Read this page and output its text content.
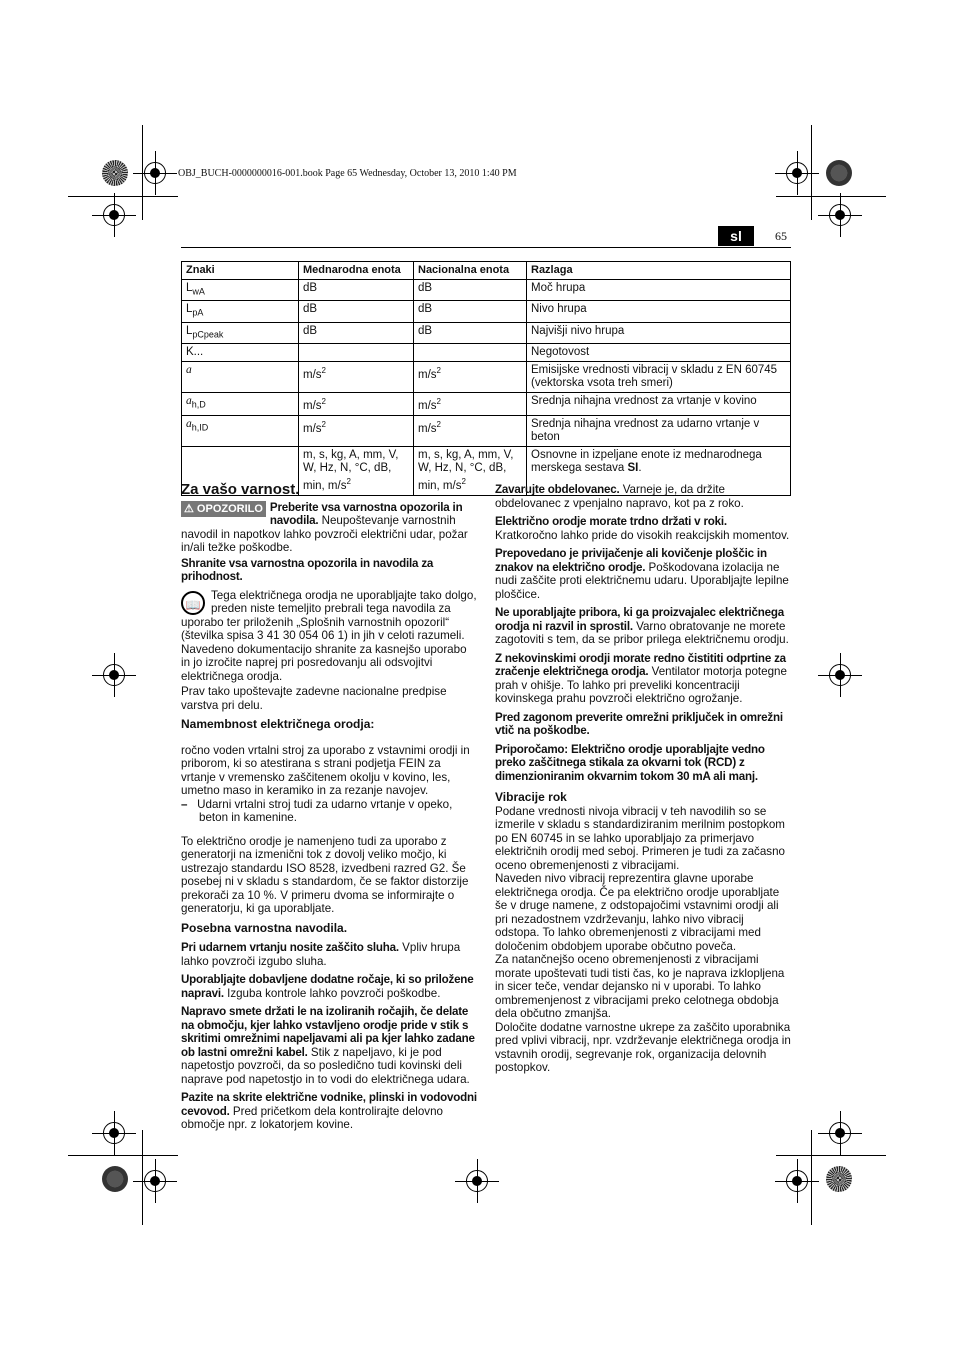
OBJ_BUCH-0000000016-001.book Page 65 Wednesday, October 13, 2010 1:40 PM
sl	65
Znaki	Mednarodna enota	Nacionalna enota	Razlaga
$L_{wA}$	dB	dB	Moč hrupa
$L_{pA}$	dB	dB	Nivo hrupa
$L_{pCpeak}$	dB	dB	Najvišji nivo hrupa
K...			Negotovost
a	$m/s^2$	$m/s^2$	Emisijske vrednosti vibracij v skladu z EN 60745 (vektorska vsota treh smeri)
$a_{h,D}$	$m/s^2$	$m/s^2$	Srednja nihajna vrednost za vrtanje v kovino
$a_{h,ID}$	$m/s^2$	$m/s^2$	Srednja nihajna vrednost za udarno vrtanje v beton
	m, s, kg, A, mm, V, W, Hz, N, °C, dB, min, $m/s^2$	m, s, kg, A, mm, V, W, Hz, N, °C, dB, min, $m/s^2$	Osnovne in izpeljane enote iz mednarodnega merskega sestava SI.
Za vašo varnost.

⚠ OPOZORILO Preberite vsa varnostna opozorila in navodila. Neupoštevanje varnostnih navodil in napotkov lahko povzroči električni udar, požar in/ali težke poškodbe.

Shranite vsa varnostna opozorila in navodila za prihodnost.

📖
Tega električnega orodja ne uporabljajte tako dolgo, preden niste temeljito prebrali tega navodila za uporabo ter priloženih „Splošnih varnostnih opozoril“ (številka spisa 3 41 30 054 06 1) in jih v celoti razumeli. Navedeno dokumentacijo shranite za kasnejšo uporabo in jo izročite naprej pri posredovanju ali odsvojitvi električnega orodja.

Prav tako upoštevajte zadevne nacionalne predpise varstva pri delu.

Namembnost električnega orodja:

ročno voden vrtalni stroj za uporabo z vstavnimi orodji in priborom, ki so atestirana s strani podjetja FEIN za vrtanje v vremensko zaščitenem okolju v kovino, les, umetno maso in keramiko in za rezanje navojev.

– Udarni vrtalni stroj tudi za udarno vrtanje v opeko, beton in kamenine.

To električno orodje je namenjeno tudi za uporabo z generatorji na izmenični tok z dovolj veliko močjo, ki ustrezajo standardu ISO 8528, izvedbeni razred G2. Še posebej ni v skladu s standardom, če se faktor distorzije prekorači za 10 %. V primeru dvoma se informirajte o generatorju, ki ga uporabljate.

Posebna varnostna navodila.

Pri udarnem vrtanju nosite zaščito sluha. Vpliv hrupa lahko povzroči izgubo sluha.

Uporabljajte dobavljene dodatne ročaje, ki so priložene napravi. Izguba kontrole lahko povzroči poškodbe.

Napravo smete držati le na izoliranih ročajih, če delate na območju, kjer lahko vstavljeno orodje pride v stik s skritimi omrežnimi napeljavami ali pa kjer lahko zadane ob lastni omrežni kabel. Stik z napeljavo, ki je pod napetostjo povzroči, da so posledično tudi kovinski deli naprave pod napetostjo in to vodi do električnega udara.

Pazite na skrite električne vodnike, plinski in vodovodni cevovod. Pred pričetkom dela kontrolirajte delovno območje npr. z lokatorjem kovine.

Zavarujte obdelovanec. Varneje je, da držite obdelovanec z vpenjalno napravo, kot pa z roko.

Električno orodje morate trdno držati v roki. Kratkoročno lahko pride do visokih reakcijskih momentov.

Prepovedano je privijačenje ali kovičenje ploščic in znakov na električno orodje. Poškodovana izolacija ne nudi zaščite proti električnemu udaru. Uporabljajte lepilne ploščice.

Ne uporabljajte pribora, ki ga proizvajalec električnega orodja ni razvil in sprostil. Varno obratovanje ne morete zagotoviti s tem, da se pribor prilega električnemu orodju.

Z nekovinskimi orodji morate redno čistititi odprtine za zračenje električnega orodja. Ventilator motorja potegne prah v ohišje. To lahko pri preveliki koncentraciji kovinskega prahu povzroči električno ogrožanje.

Pred zagonom preverite omrežni priključek in omrežni vtič na poškodbe.

Priporočamo: Električno orodje uporabljajte vedno preko zaščitnega stikala za okvarni tok (RCD) z dimenzioniranim okvarnim tokom 30 mA ali manj.

Vibracije rok

Podane vrednosti nivoja vibracij v teh navodilih so se izmerile v skladu s standardiziranim merilnim postopkom po EN 60745 in se lahko uporabljajo za primerjavo električnih orodij med seboj. Primeren je tudi za začasno oceno obremenjenosti z vibracijami.

Naveden nivo vibracij reprezentira glavne uporabe električnega orodja. Če pa električno orodje uporabljate še v druge namene, z odstopajočimi vstavnimi orodji ali pri nezadostnem vzdrževanju, lahko nivo vibracij odstopa. To lahko obremenjenosti z vibracijami med določenim obdobjem uporabe občutno poveča.

Za natančnejšo oceno obremenjenosti z vibracijami morate upoštevati tudi tisti čas, ko je naprava izklopljena in sicer teče, vendar dejansko ni v uporabi. To lahko ombremenjenost z vibracijami preko celotnega obdobja dela občutno zmanjša.

Določite dodatne varnostne ukrepe za zaščito uporabnika pred vplivi vibracij, npr. vzdrževanje električnega orodja in vstavnih orodij, segrevanje rok, organizacija delovnih postopkov.
